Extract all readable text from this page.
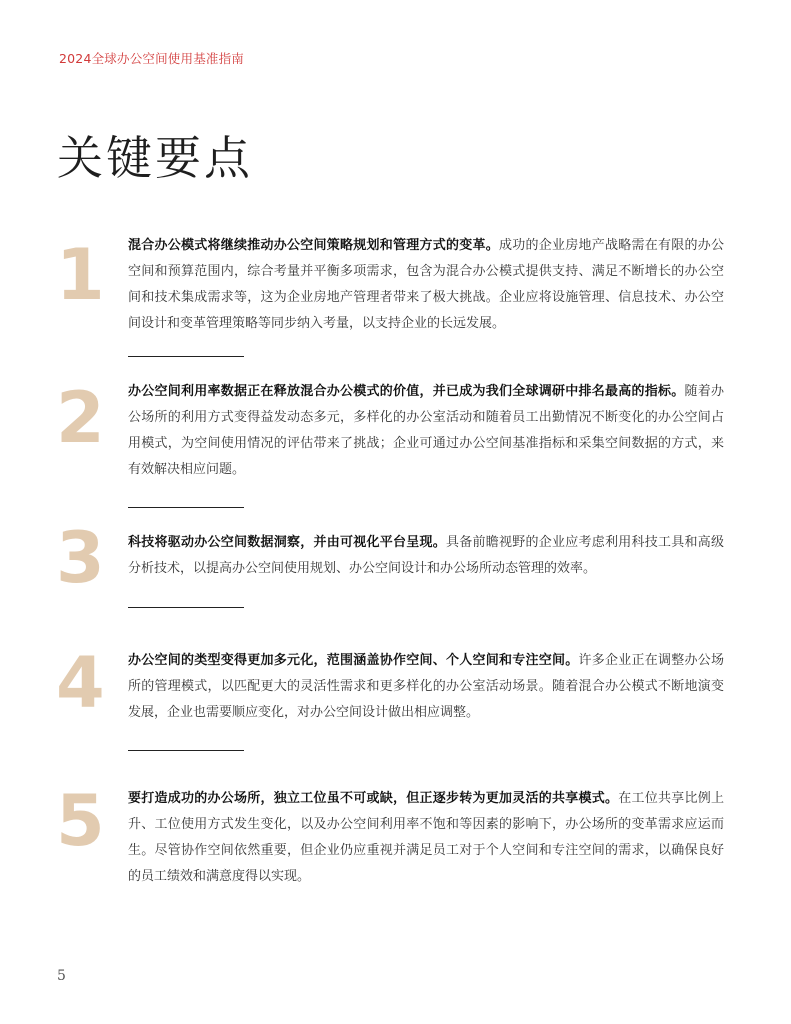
2024全球办公空间使用基准指南
关键要点
1 混合办公模式将继续推动办公空间策略规划和管理方式的变革。成功的企业房地产战略需在有限的办公空间和预算范围内，综合考量并平衡多项需求，包含为混合办公模式提供支持、满足不断增长的办公空间和技术集成需求等，这为企业房地产管理者带来了极大挑战。企业应将设施管理、信息技术、办公空间设计和变革管理策略等同步纳入考量，以支持企业的长远发展。
2 办公空间利用率数据正在释放混合办公模式的价值，并已成为我们全球调研中排名最高的指标。随着办公场所的利用方式变得益发动态多元，多样化的办公室活动和随着员工出勤情况不断变化的办公空间占用模式，为空间使用情况的评估带来了挑战；企业可通过办公空间基准指标和采集空间数据的方式，来有效解决相应问题。
3 科技将驱动办公空间数据洞察，并由可视化平台呈现。具备前瞻视野的企业应考虑利用科技工具和高级分析技术，以提高办公空间使用规划、办公空间设计和办公场所动态管理的效率。
4 办公空间的类型变得更加多元化，范围涵盖协作空间、个人空间和专注空间。许多企业正在调整办公场所的管理模式，以匹配更大的灵活性需求和更多样化的办公室活动场景。随着混合办公模式不断地演变发展，企业也需要顺应变化，对办公空间设计做出相应调整。
5 要打造成功的办公场所，独立工位虽不可或缺，但正逐步转为更加灵活的共享模式。在工位共享比例上升、工位使用方式发生变化，以及办公空间利用率不饱和等因素的影响下，办公场所的变革需求应运而生。尽管协作空间依然重要，但企业仍应重视并满足员工对于个人空间和专注空间的需求，以确保良好的员工绩效和满意度得以实现。
5
